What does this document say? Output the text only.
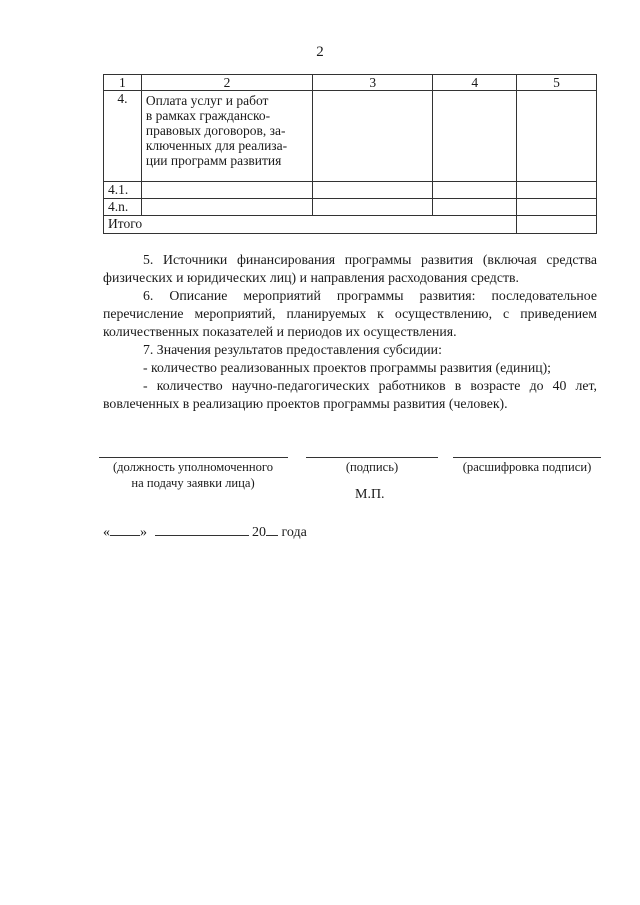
2
1	2	3	4	5
4.	Оплата услуг и работ
в рамках гражданско-
правовых договоров, за-
ключенных для реализа-
ции программ развития			

4.1.				
4.n.				
Итого				

5. Источники финансирования программы развития (включая средства физических и юридических лиц) и направления расходования средств.

6. Описание мероприятий программы развития: последовательное перечисление мероприятий, планируемых к осуществлению, с приведением количественных показателей и периодов их осуществления.

7. Значения результатов предоставления субсидии:

- количество реализованных проектов программы развития (единиц);

- количество научно-педагогических работников в возрасте до 40 лет, вовлеченных в реализацию проектов программы развития (человек).

(должность уполномоченного
на подачу заявки лица)
(подпись)	(расшифровка подписи)
М.П.
« »	20 года
